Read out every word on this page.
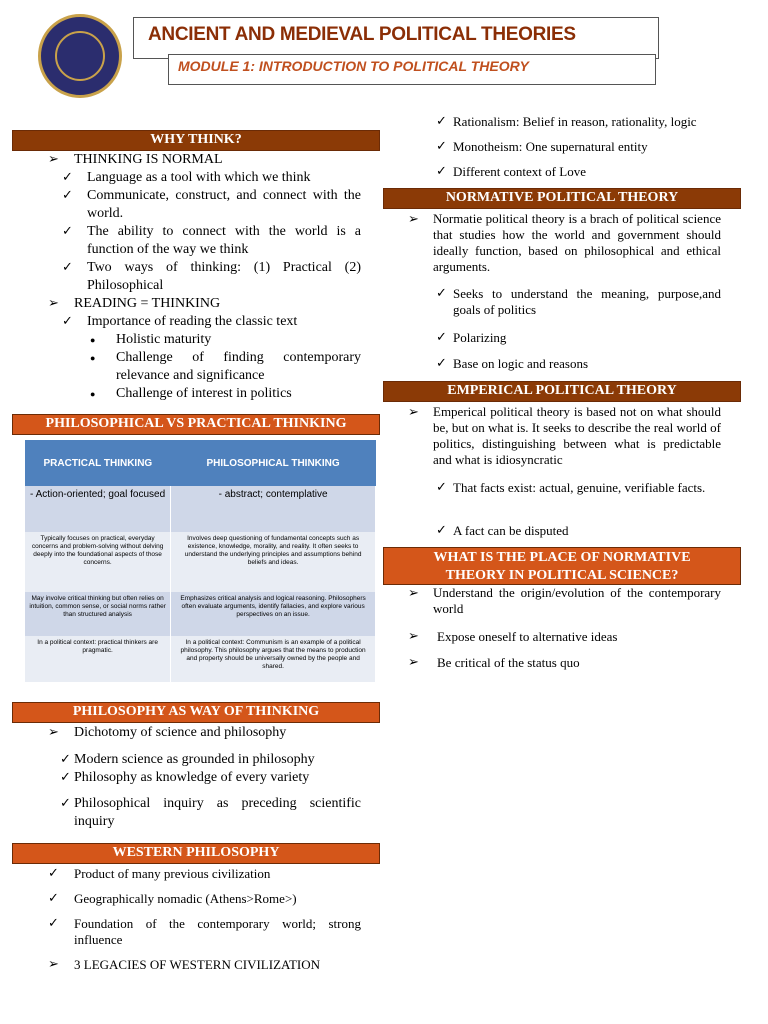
ANCIENT AND MEDIEVAL POLITICAL THEORIES
MODULE 1: INTRODUCTION TO POLITICAL THEORY
WHY THINK?
➢ THINKING IS NORMAL
✓ Language as a tool with which we think
✓ Communicate, construct, and connect with the world.
✓ The ability to connect with the world is a function of the way we think
✓ Two ways of thinking: (1) Practical (2) Philosophical
➢ READING = THINKING
✓ Importance of reading the classic text
● Holistic maturity
● Challenge of finding contemporary relevance and significance
● Challenge of interest in politics
PHILOSOPHICAL VS PRACTICAL THINKING
PRACTICAL THINKING	PHILOSOPHICAL THINKING
- Action-oriented; goal focused	- abstract; contemplative
Typically focuses on practical, everyday concerns and problem-solving without delving deeply into the foundational aspects of those concerns.	Involves deep questioning of fundamental concepts such as existence, knowledge, morality, and reality. It often seeks to understand the underlying principles and assumptions behind beliefs and ideas.
May involve critical thinking but often relies on intuition, common sense, or social norms rather than structured analysis	Emphasizes critical analysis and logical reasoning. Philosophers often evaluate arguments, identify fallacies, and explore various perspectives on an issue.
In a political context: practical thinkers are pragmatic.	In a political context: Communism is an example of a political philosophy. This philosophy argues that the means to production and property should be universally owned by the people and shared.
PHILOSOPHY AS WAY OF THINKING
➢ Dichotomy of science and philosophy
✓ Modern science as grounded in philosophy
✓ Philosophy as knowledge of every variety
✓ Philosophical inquiry as preceding scientific inquiry
WESTERN PHILOSOPHY
✓ Product of many previous civilization
✓ Geographically nomadic (Athens>Rome>)
✓ Foundation of the contemporary world; strong influence
➢ 3 LEGACIES OF WESTERN CIVILIZATION
✓ Rationalism: Belief in reason, rationality, logic
✓ Monotheism: One supernatural entity
✓ Different context of Love
NORMATIVE POLITICAL THEORY
➢ Normatie political theory is a brach of political science that studies how the world and government should ideally function, based on philosophical and ethical arguments.
✓ Seeks to understand the meaning, purpose,and goals of politics
✓ Polarizing
✓ Base on logic and reasons
EMPERICAL POLITICAL THEORY
➢ Emperical political theory is based not on what should be, but on what is. It seeks to describe the real world of politics, distinguishing between what is predictable and what is idiosyncratic
✓ That facts exist: actual, genuine, verifiable facts.
✓ A fact can be disputed
WHAT IS THE PLACE OF NORMATIVE THEORY IN POLITICAL SCIENCE?
➢ Understand the origin/evolution of the contemporary world
➢ Expose oneself to alternative ideas
➢ Be critical of the status quo
